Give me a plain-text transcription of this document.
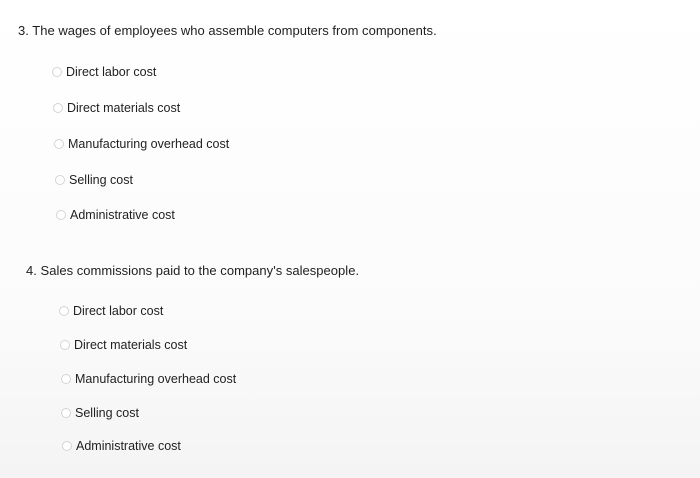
3. The wages of employees who assemble computers from components.
Direct labor cost
Direct materials cost
Manufacturing overhead cost
Selling cost
Administrative cost
4. Sales commissions paid to the company's salespeople.
Direct labor cost
Direct materials cost
Manufacturing overhead cost
Selling cost
Administrative cost
